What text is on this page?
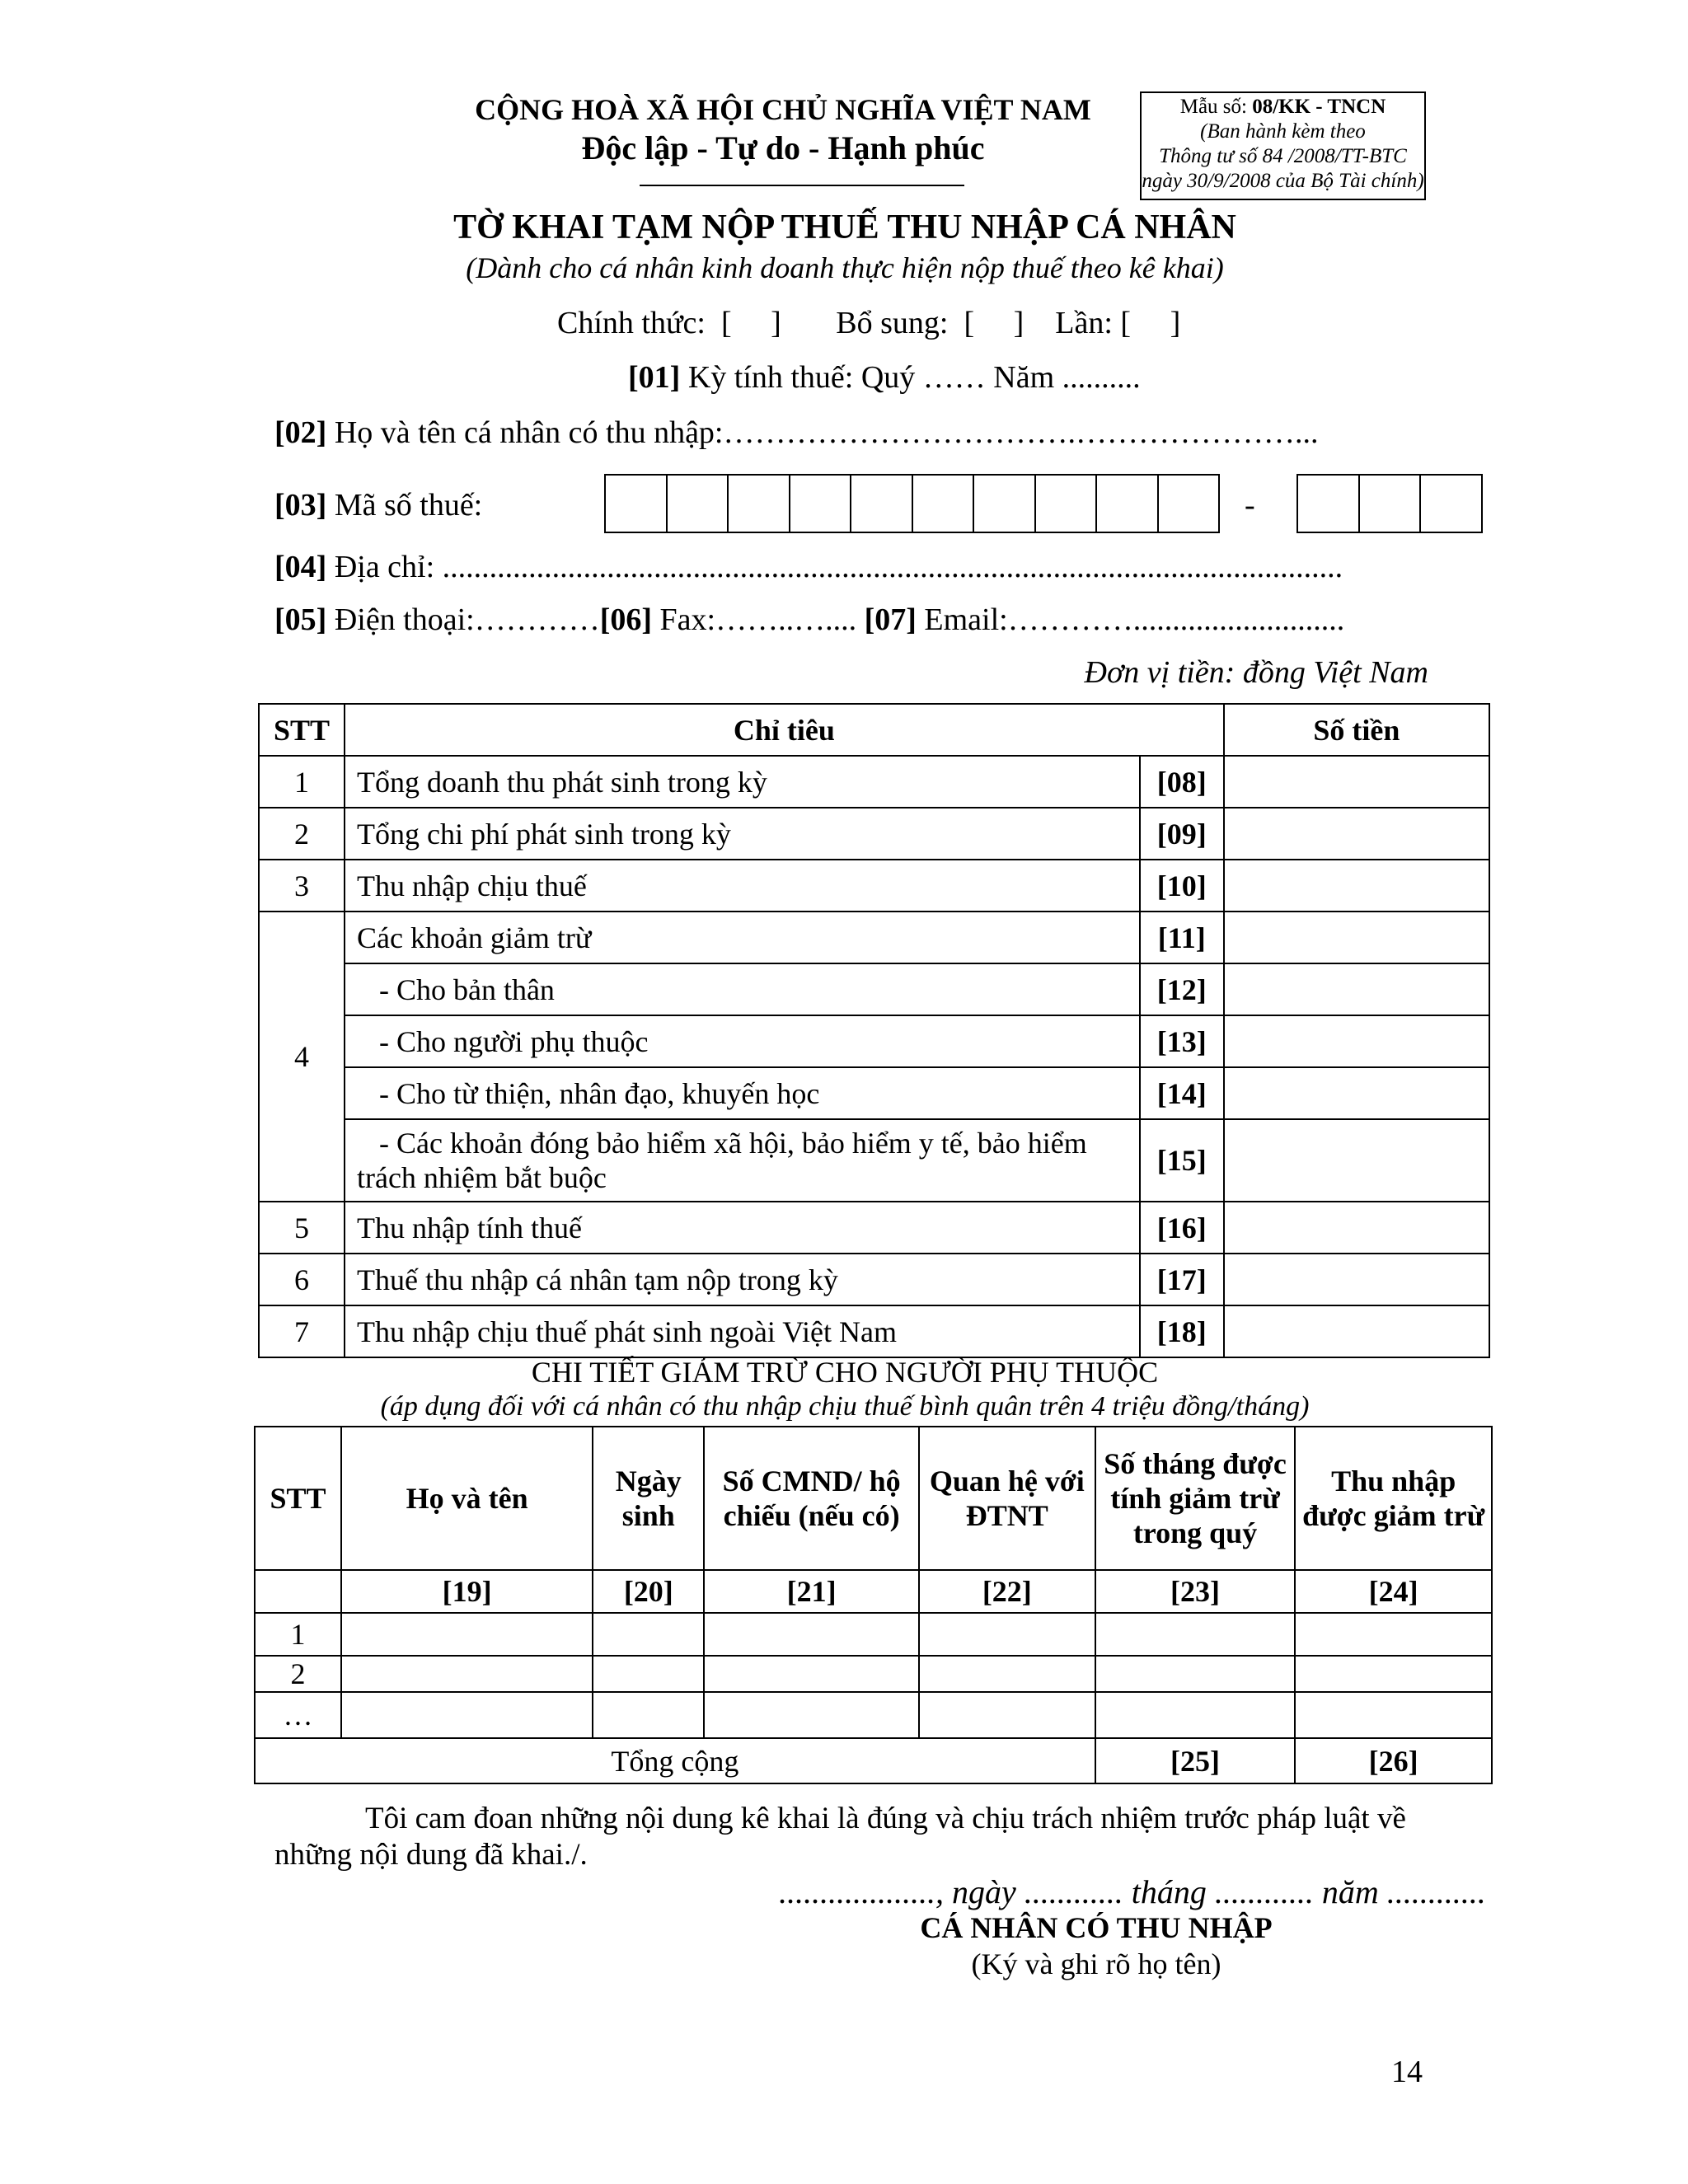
CỘNG HOÀ XÃ HỘI CHỦ NGHĨA VIỆT NAM
Độc lập - Tự do - Hạnh phúc
Mẫu số: 08/KK - TNCN
(Ban hành kèm theo
Thông tư số 84 /2008/TT-BTC
ngày 30/9/2008 của Bộ Tài chính)
TỜ KHAI TẠM NỘP THUẾ THU NHẬP CÁ NHÂN
(Dành cho cá nhân kinh doanh thực hiện nộp thuế theo kê khai)
Chính thức:  [     ]       Bổ sung:  [     ]    Lần: [     ]
[01] Kỳ tính thuế: Quý …… Năm ..........
[02] Họ và tên cá nhân có thu nhập:…………………………….…………………...
[03] Mã số thuế:	-
[04] Địa chỉ: ...................................................................................................................
[05] Điện thoại:…………[06] Fax:……..….... [07] Email:…………...........................
Đơn vị tiền: đồng Việt Nam
STT	Chỉ tiêu		Số tiền
1	Tổng doanh thu phát sinh trong kỳ	[08]	
2	Tổng chi phí phát sinh trong kỳ	[09]	
3	Thu nhập chịu thuế	[10]	
4	Các khoản giảm trừ	[11]	
	- Cho bản thân	[12]	
	- Cho người phụ thuộc	[13]	
	- Cho từ thiện, nhân đạo, khuyến học	[14]	
	- Các khoản đóng bảo hiểm xã hội, bảo hiểm y tế, bảo hiểm trách nhiệm bắt buộc	[15]	
5	Thu nhập tính thuế	[16]	
6	Thuế thu nhập cá nhân tạm nộp trong kỳ	[17]	
7	Thu nhập chịu thuế phát sinh ngoài Việt Nam	[18]	
CHI TIẾT GIẢM TRỪ CHO NGƯỜI PHỤ THUỘC
(áp dụng đối với cá nhân có thu nhập chịu thuế bình quân trên 4 triệu đồng/tháng)
STT	Họ và tên	Ngày sinh	Số CMND/ hộ chiếu (nếu có)	Quan hệ với ĐTNT	Số tháng được tính giảm trừ trong quý	Thu nhập được giảm trừ
	[19]	[20]	[21]	[22]	[23]	[24]
1						
2						
…						
Tổng cộng					[25]	[26]
Tôi cam đoan những nội dung kê khai là đúng và chịu trách nhiệm trước pháp luật về
những nội dung đã khai./.
..................., ngày ............ tháng ............ năm ............
CÁ NHÂN CÓ THU NHẬP
(Ký và ghi rõ họ tên)
14
